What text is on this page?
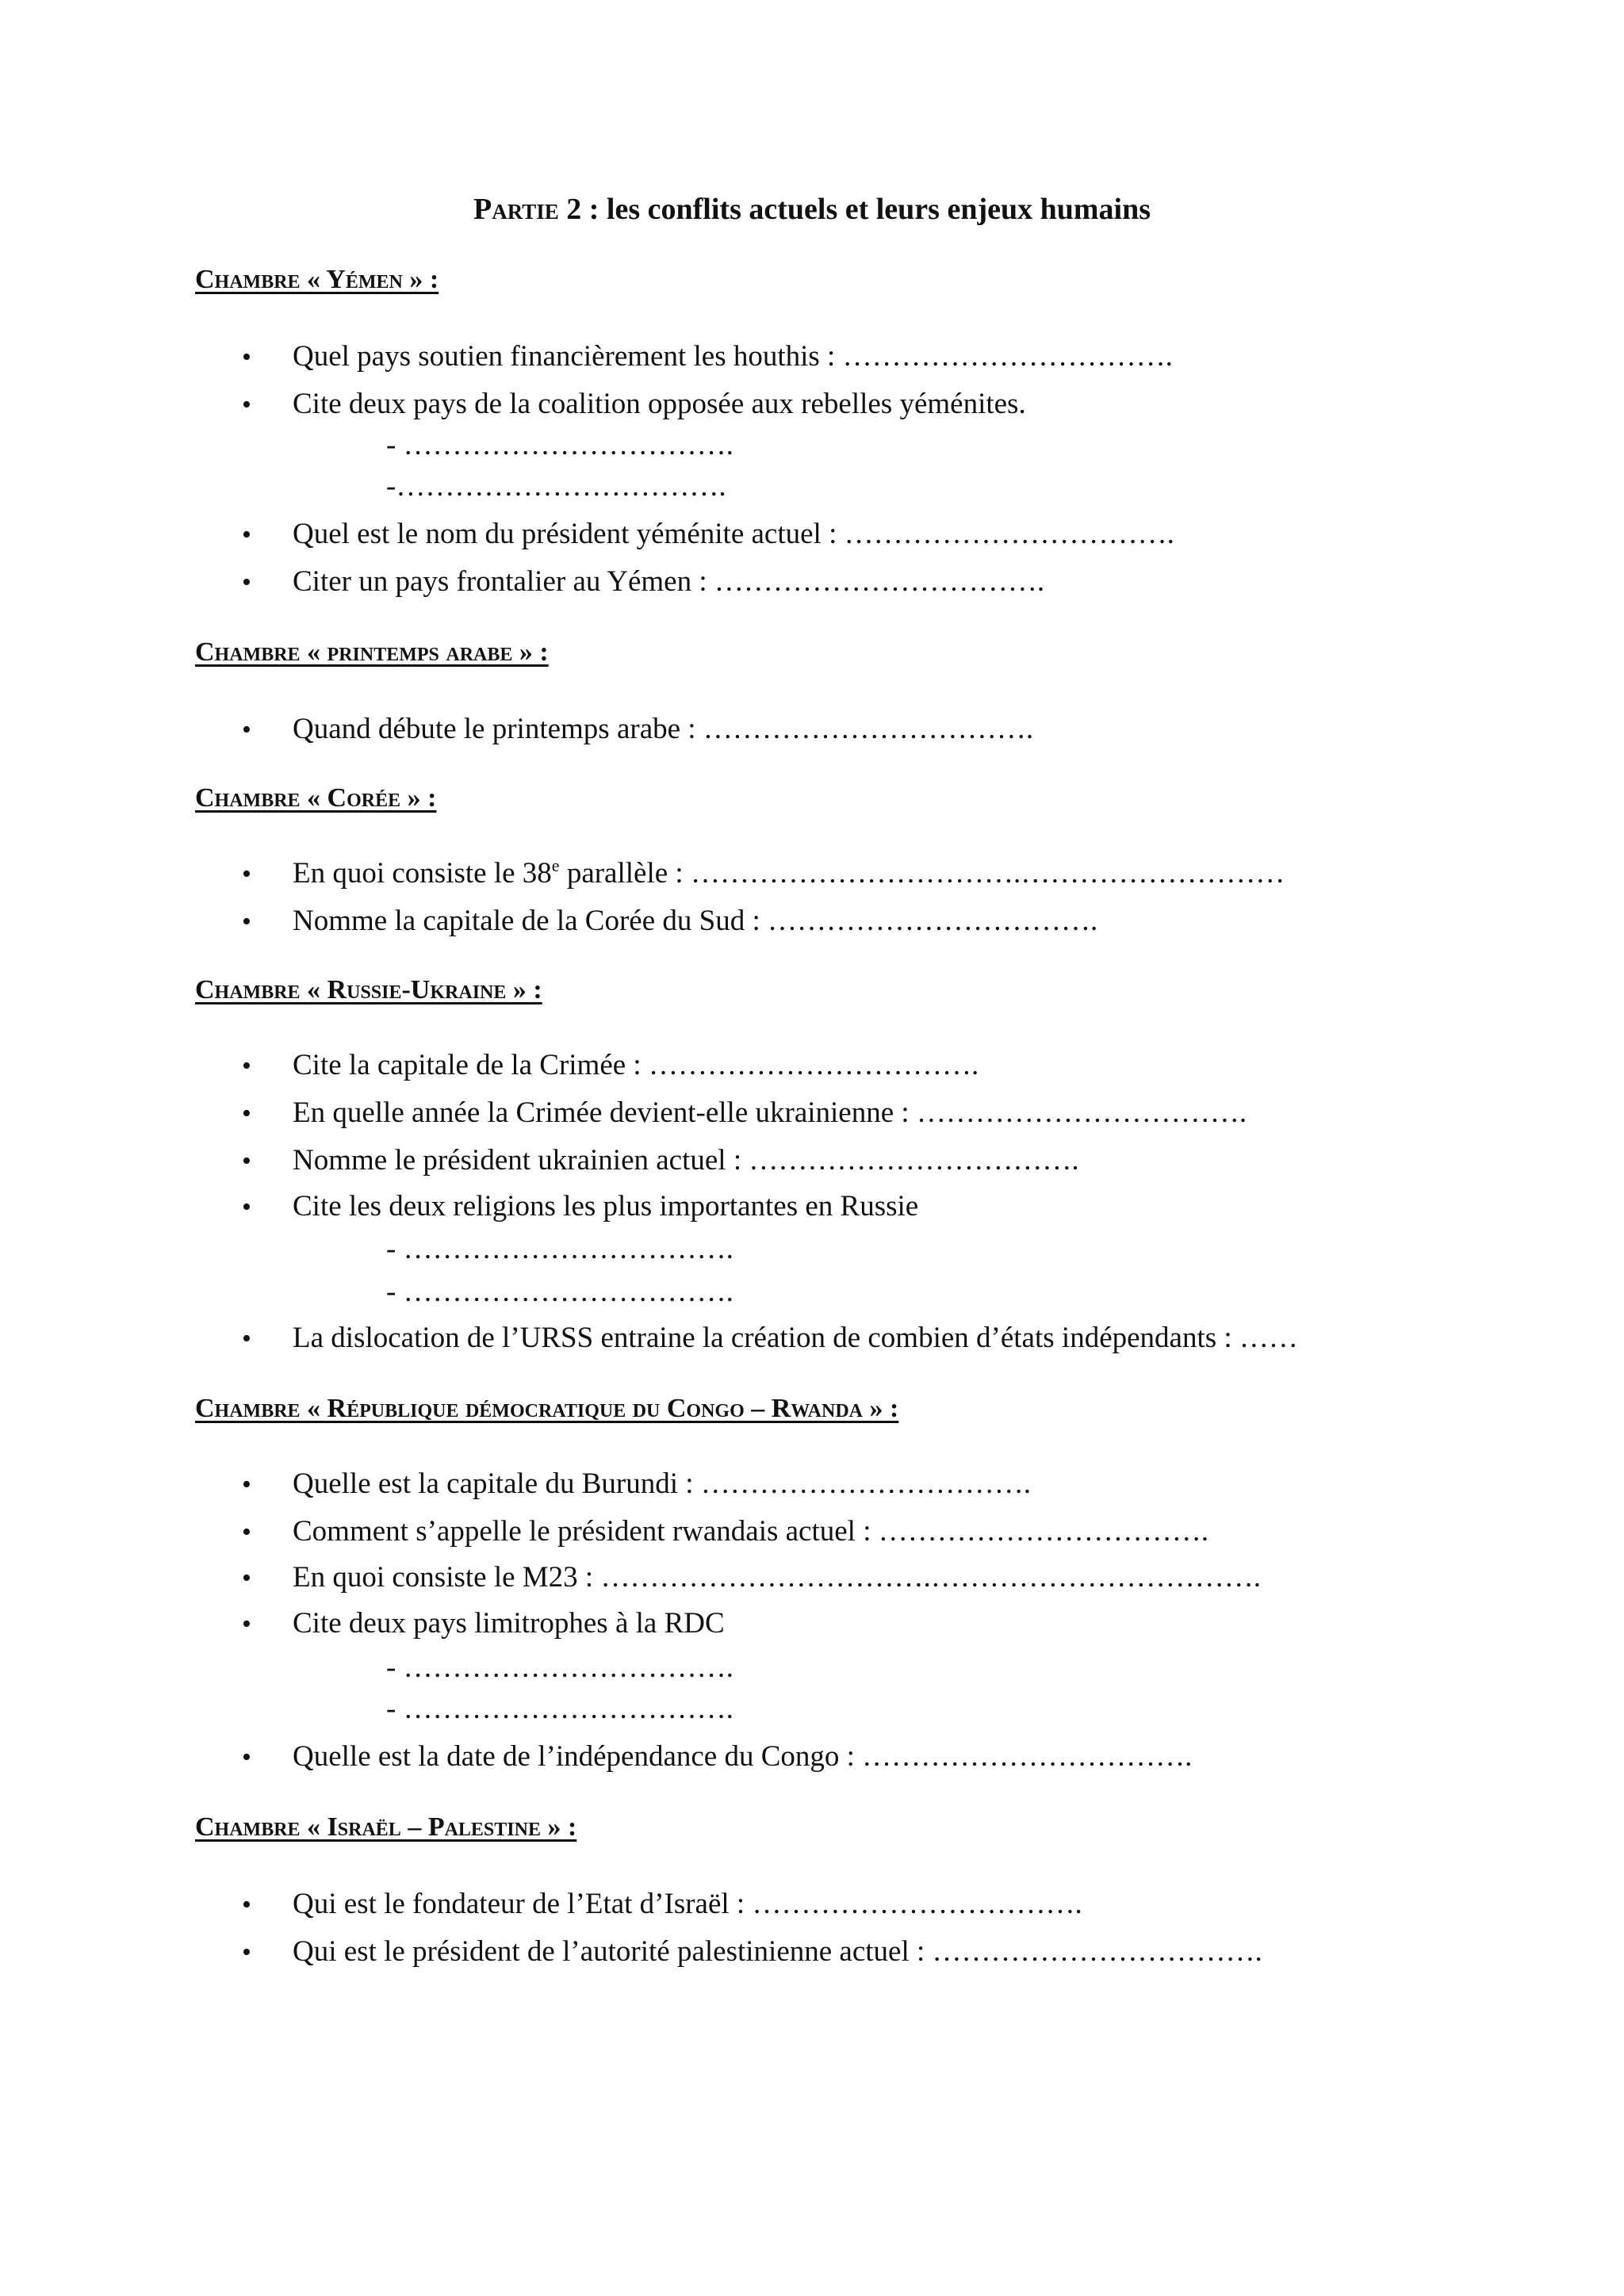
Partie 2 : les conflits actuels et leurs enjeux humains
Chambre « Yémen » :
• Quel pays soutien financièrement les houthis : …………………………….
• Cite deux pays de la coalition opposée aux rebelles yéménites.
- …………………………….
-…………………………….
• Quel est le nom du président yéménite actuel : …………………………….
• Citer un pays frontalier au Yémen : …………………………….
Chambre « printemps arabe » :
• Quand débute le printemps arabe : …………………………….
Chambre « Corée » :
• En quoi consiste le 38e parallèle : …………………………….………………………
• Nomme la capitale de la Corée du Sud : …………………………….
Chambre « Russie-Ukraine » :
• Cite la capitale de la Crimée : …………………………….
• En quelle année la Crimée devient-elle ukrainienne : …………………………….
• Nomme le président ukrainien actuel : …………………………….
• Cite les deux religions les plus importantes en Russie
- …………………………….
- …………………………….
• La dislocation de l’URSS entraine la création de combien d’états indépendants : ……
Chambre « République démocratique du Congo – Rwanda » :
• Quelle est la capitale du Burundi : …………………………….
• Comment s’appelle le président rwandais actuel : …………………………….
• En quoi consiste le M23 : …………………………….…………………………….
• Cite deux pays limitrophes à la RDC
- …………………………….
- …………………………….
• Quelle est la date de l’indépendance du Congo : …………………………….
Chambre « Israël – Palestine » :
• Qui est le fondateur de l’Etat d’Israël : …………………………….
• Qui est le président de l’autorité palestinienne actuel : …………………………….
